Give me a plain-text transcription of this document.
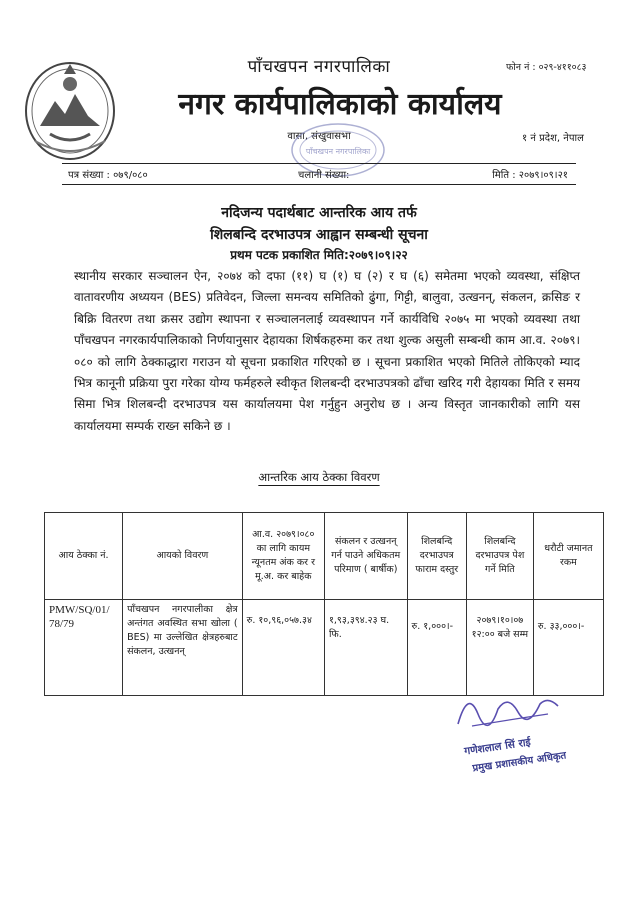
पाँचखपन नगरपालिका
नगर कार्यपालिकाको कार्यालय
फोन नं : ०२९-४११०८३
वासा, संखुवासभा	१ नं प्रदेश, नेपाल
पाँचखपन नगरपालिका
पत्र संख्या : ०७९/०८०	चलानी संख्या:	मिति : २०७९।०९।२१
नदिजन्य पदार्थबाट आन्तरिक आय तर्फ
शिलबन्दि दरभाउपत्र आह्वान सम्बन्धी सूचना
प्रथम पटक प्रकाशित मिति:२०७९।०९।२२
स्थानीय सरकार सञ्चालन ऐन, २०७४ को दफा (११) घ (१) घ (२) र घ (६) समेतमा भएको व्यवस्था, संक्षिप्त वातावरणीय अध्ययन (BES) प्रतिवेदन, जिल्ला समन्वय समितिको ढुंगा, गिट्टी, बालुवा, उत्खनन्, संकलन, क्रसिङ र बिक्रि वितरण तथा क्रसर उद्योग स्थापना र सञ्चालनलाई व्यवस्थापन गर्ने कार्यविधि २०७५ मा भएको व्यवस्था तथा पाँचखपन नगरकार्यपालिकाको निर्णयानुसार देहायका शिर्षकहरुमा कर तथा शुल्क असुली सम्बन्धी काम आ.व. २०७९।०८० को लागि ठेक्काद्धारा गराउन यो सूचना प्रकाशित गरिएको छ । सूचना प्रकाशित भएको मितिले तोकिएको म्याद भित्र कानूनी प्रक्रिया पुरा गरेका योग्य फर्महरुले स्वीकृत शिलबन्दी दरभाउपत्रको ढाँचा खरिद गरी देहायका मिति र समय सिमा भित्र शिलबन्दी दरभाउपत्र यस कार्यालयमा पेश गर्नुहुन अनुरोध छ । अन्य विस्तृत जानकारीको लागि यस कार्यालयमा सम्पर्क राख्न सकिने छ ।
आन्तरिक आय ठेक्का विवरण
आय ठेक्का नं.	आयको विवरण	आ.व. २०७९।०८० का लागि कायम न्यूनतम अंक कर र मू.अ. कर बाहेक	संकलन र उत्खनन् गर्न पाउने अधिकतम परिमाण ( बार्षीक)	शिलबन्दि दरभाउपत्र फाराम दस्तुर	शिलबन्दि दरभाउपत्र पेश गर्ने मिति	धरौटी जमानत रकम
PMW/SQ/01/ 78/79	पाँचखपन नगरपालीका क्षेत्र अन्तंगत अवस्थित सभा खोला ( BES) मा उल्लेखित क्षेत्रहरुबाट संकलन, उत्खनन्	रु. १०,९६,०५७.३४	१,९३,३९४.२३ घ. फि.	रु. १,०००।-	२०७९।१०।०७ १२:०० बजे सम्म	रु. ३३,०००।-
गणेशलाल सिं राई
प्रमुख प्रशासकीय अधिकृत
